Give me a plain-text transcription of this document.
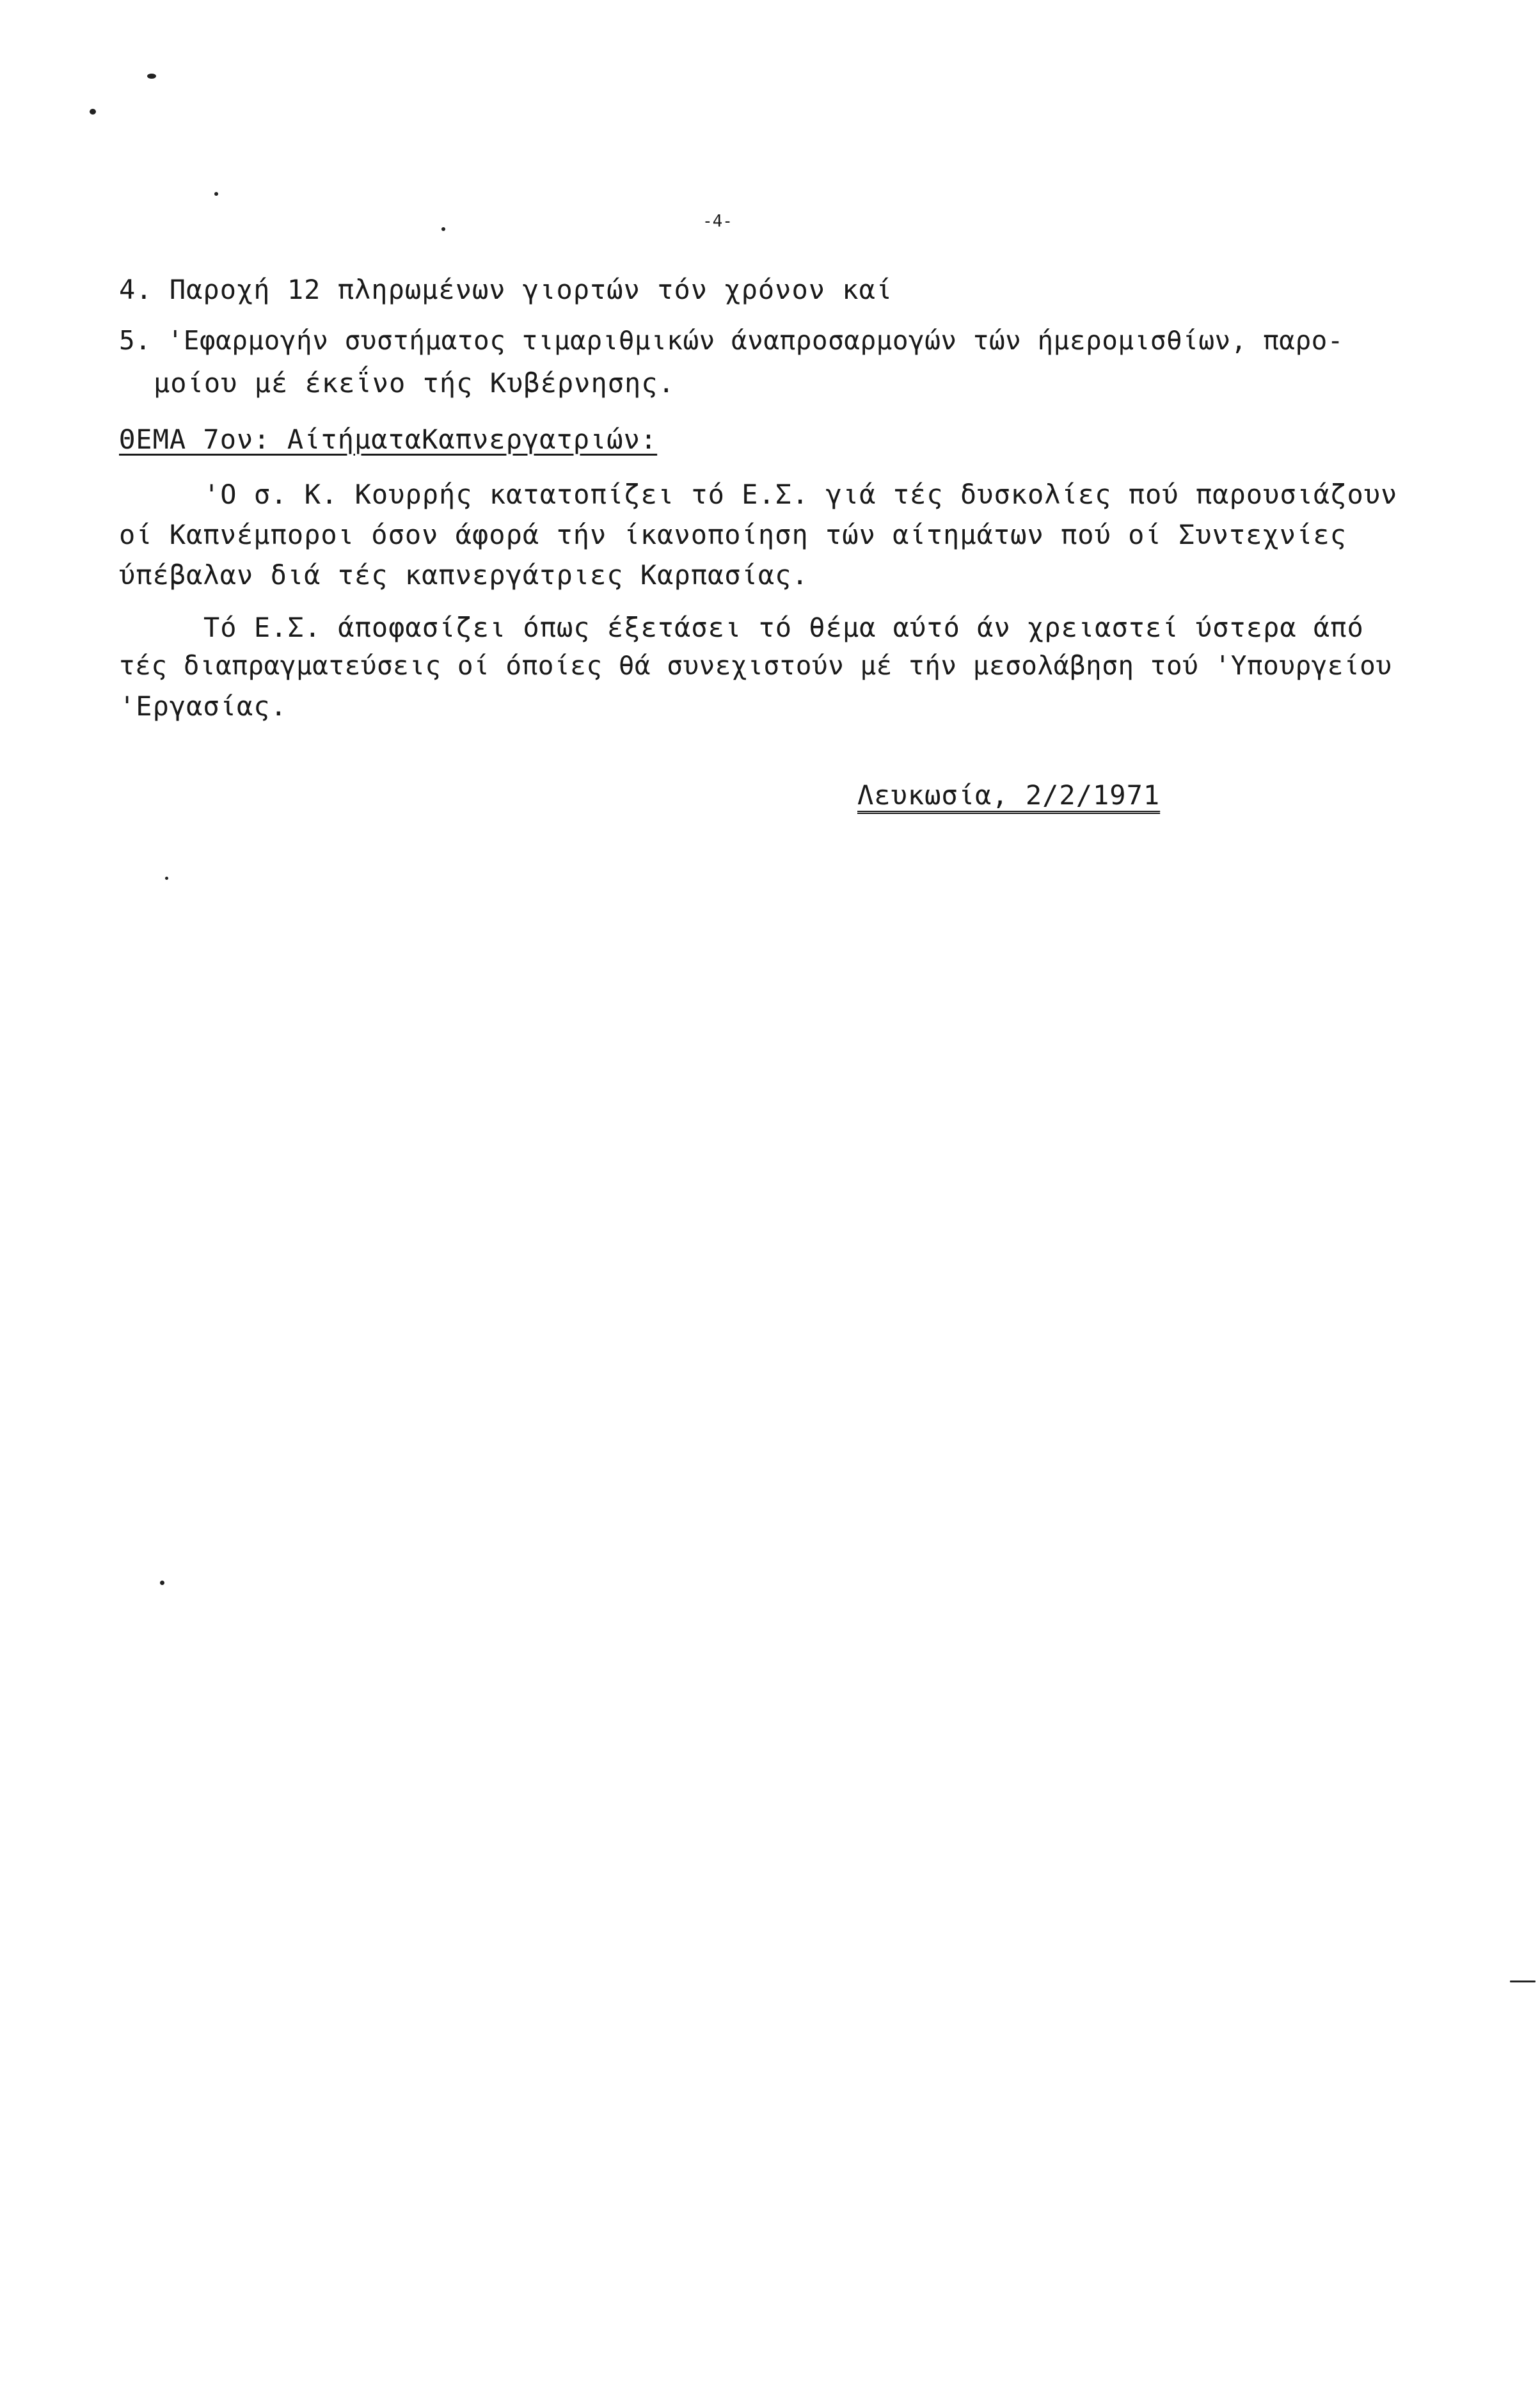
-4-
4. Παροχή 12 πληρωμένων γιορτών τόν χρόνον καί
5. 'Εφαρμογήν συστήματος τιμαριθμικών άναπροσαρμογών τών ήμερομισθίων, παρο-
μοίου μέ έκεΐνο τής Κυβέρνησης.
ΘΕΜΑ 7ον: ΑίτήματαΚαπνεργατριών:
'Ο σ. Κ. Κουρρής κατατοπίζει τό Ε.Σ. γιά τές δυσκολίες πού παρουσιάζουν
οί Καπνέμποροι όσον άφορά τήν ίκανοποίηση τών αίτημάτων πού οί Συντεχνίες
ύπέβαλαν διά τές καπνεργάτριες Καρπασίας.
Τό Ε.Σ. άποφασίζει όπως έξετάσει τό θέμα αύτό άν χρειαστεί ύστερα άπό
τές διαπραγματεύσεις οί όποίες θά συνεχιστούν μέ τήν μεσολάβηση τού 'Υπουργείου
'Εργασίας.
Λευκωσία, 2/2/1971
